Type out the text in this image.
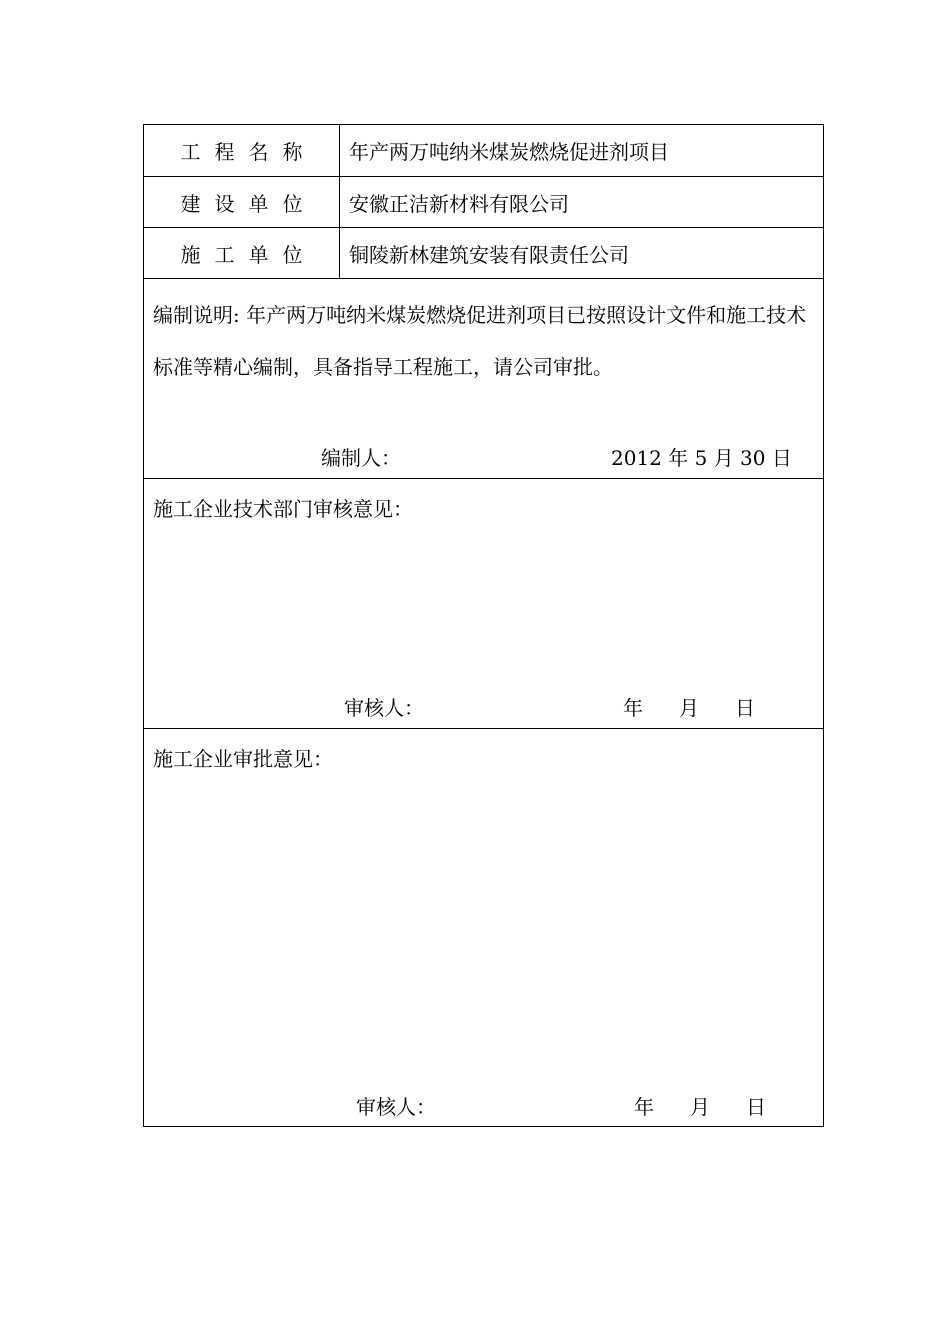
工程名称	年产两万吨纳米煤炭燃烧促进剂项目
建设单位	安徽正洁新材料有限公司
施工单位	铜陵新林建筑安装有限责任公司
编制说明: 年产两万吨纳米煤炭燃烧促进剂项目已按照设计文件和施工技术标准等精心编制，具备指导工程施工，请公司审批。
编制人：	2012 年 5 月 30 日
施工企业技术部门审核意见：
审核人：	年 月 日
施工企业审批意见：
审核人：	年 月 日
